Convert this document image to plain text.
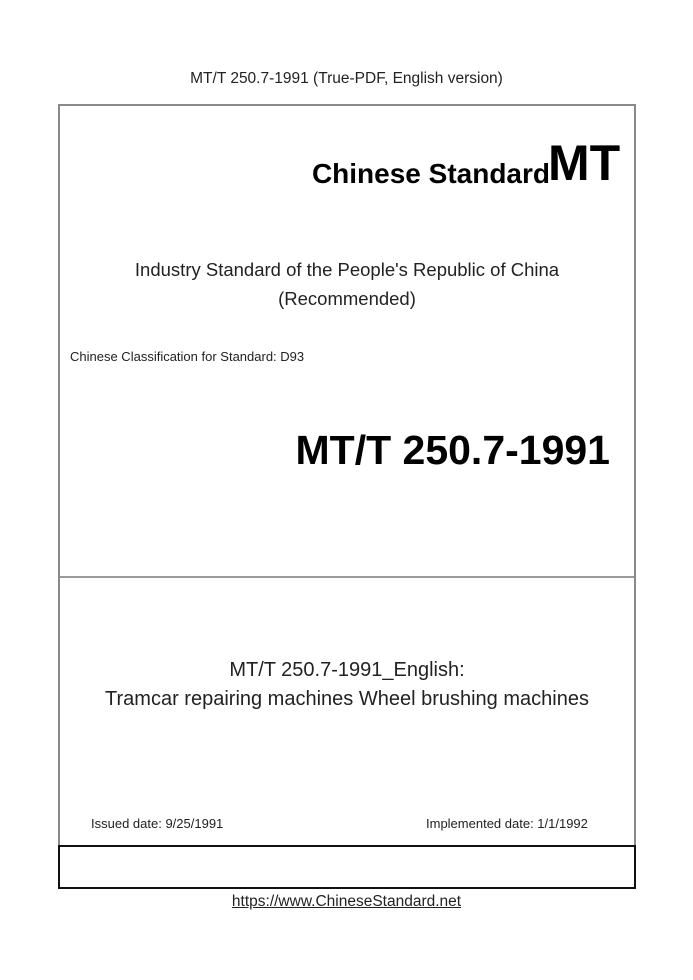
MT/T 250.7-1991 (True-PDF, English version)
Chinese Standard
MT
Industry Standard of the People's Republic of China
(Recommended)
Chinese Classification for Standard: D93
MT/T 250.7-1991
MT/T 250.7-1991_English:
Tramcar repairing machines Wheel brushing machines
Issued date: 9/25/1991	Implemented date: 1/1/1992
https://www.ChineseStandard.net
